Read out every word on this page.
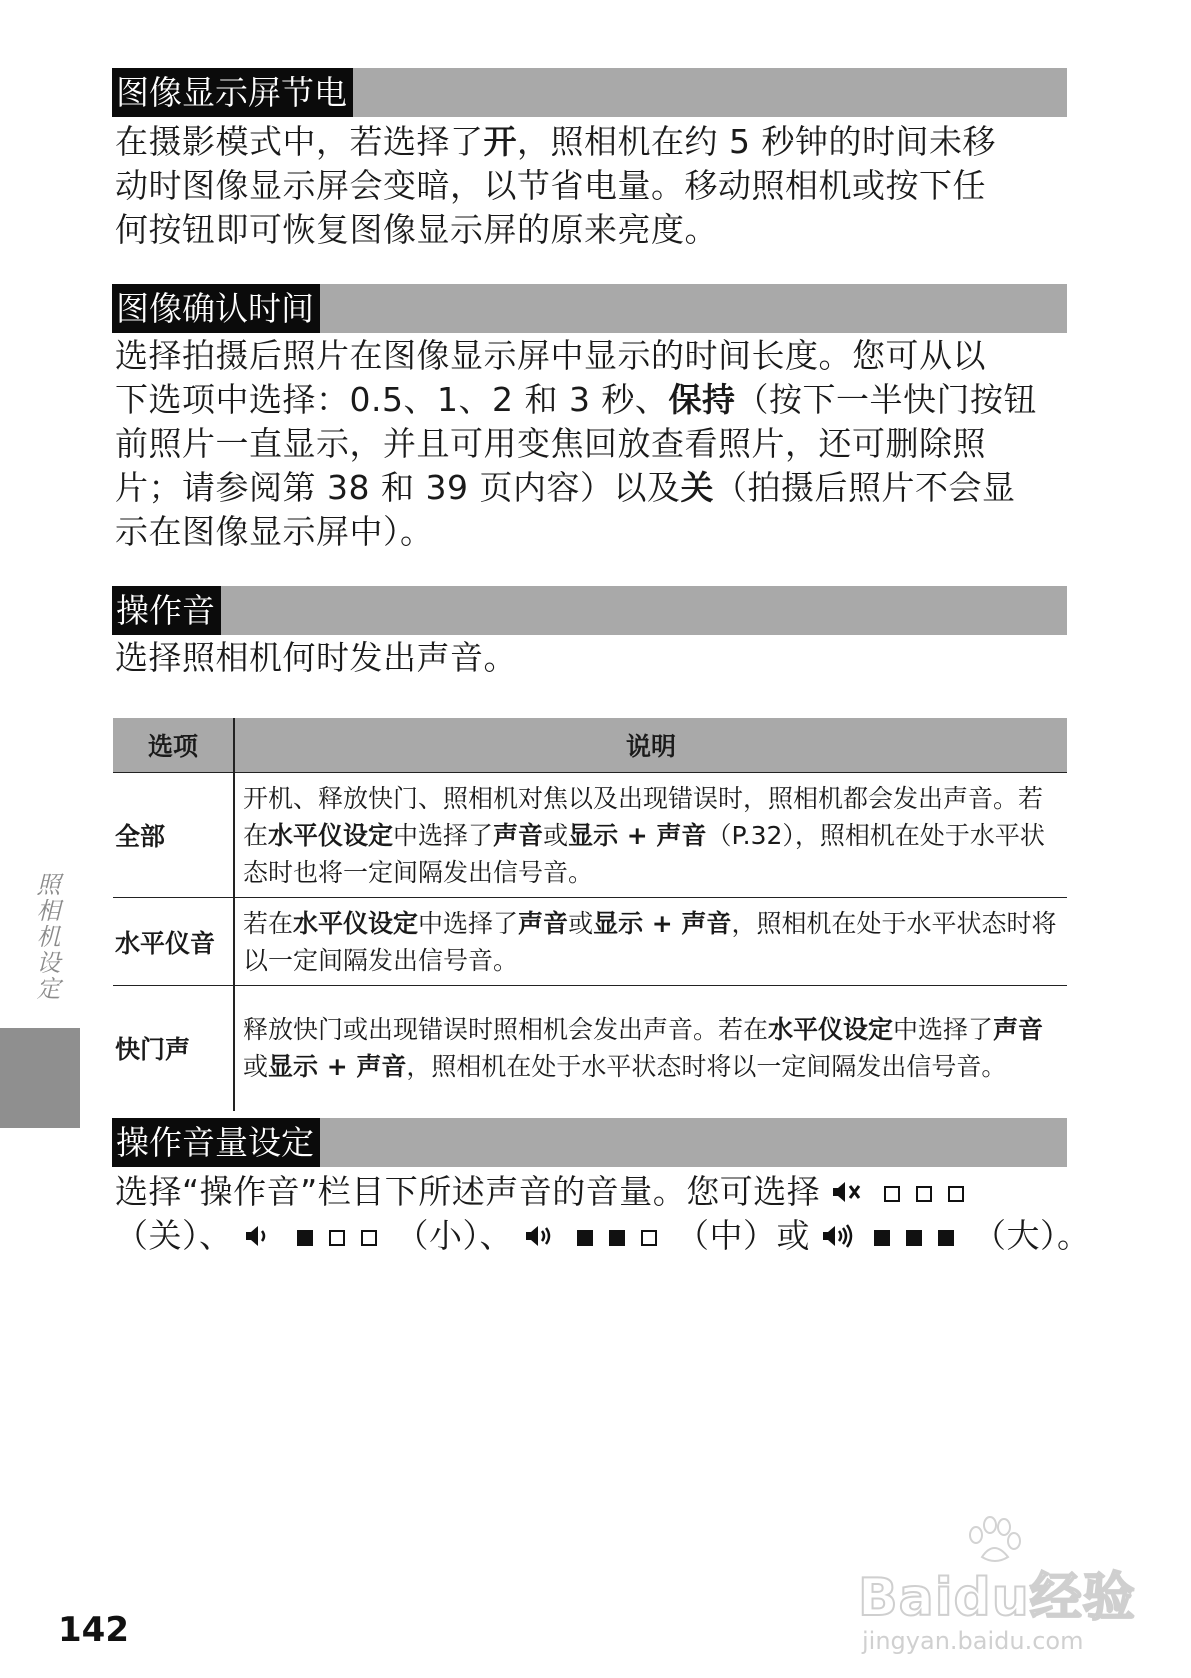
图像显示屏节电
在摄影模式中，若选择了开，照相机在约 5 秒钟的时间未移
动时图像显示屏会变暗，以节省电量。移动照相机或按下任
何按钮即可恢复图像显示屏的原来亮度。
图像确认时间
选择拍摄后照片在图像显示屏中显示的时间长度。您可从以
下选项中选择：0.5、1、2 和 3 秒、保持（按下一半快门按钮
前照片一直显示，并且可用变焦回放查看照片，还可删除照
片；请参阅第 38 和 39 页内容）以及关（拍摄后照片不会显
示在图像显示屏中）。
操作音
选择照相机何时发出声音。
选项	说明
全部	开机、释放快门、照相机对焦以及出现错误时，照相机都会发出声音。若在水平仪设定中选择了声音或显示 + 声音（P.32），照相机在处于水平状态时也将一定间隔发出信号音。
水平仪音	若在水平仪设定中选择了声音或显示 + 声音，照相机在处于水平状态时将以一定间隔发出信号音。
快门声	释放快门或出现错误时照相机会发出声音。若在水平仪设定中选择了声音或显示 + 声音，照相机在处于水平状态时将以一定间隔发出信号音。
操作音量设定
选择“操作音”栏目下所述声音的音量。您可选择
（关）、	（小）、	（中）或	（大）。
照相机设定
142
Baidu经验
jingyan.baidu.com
